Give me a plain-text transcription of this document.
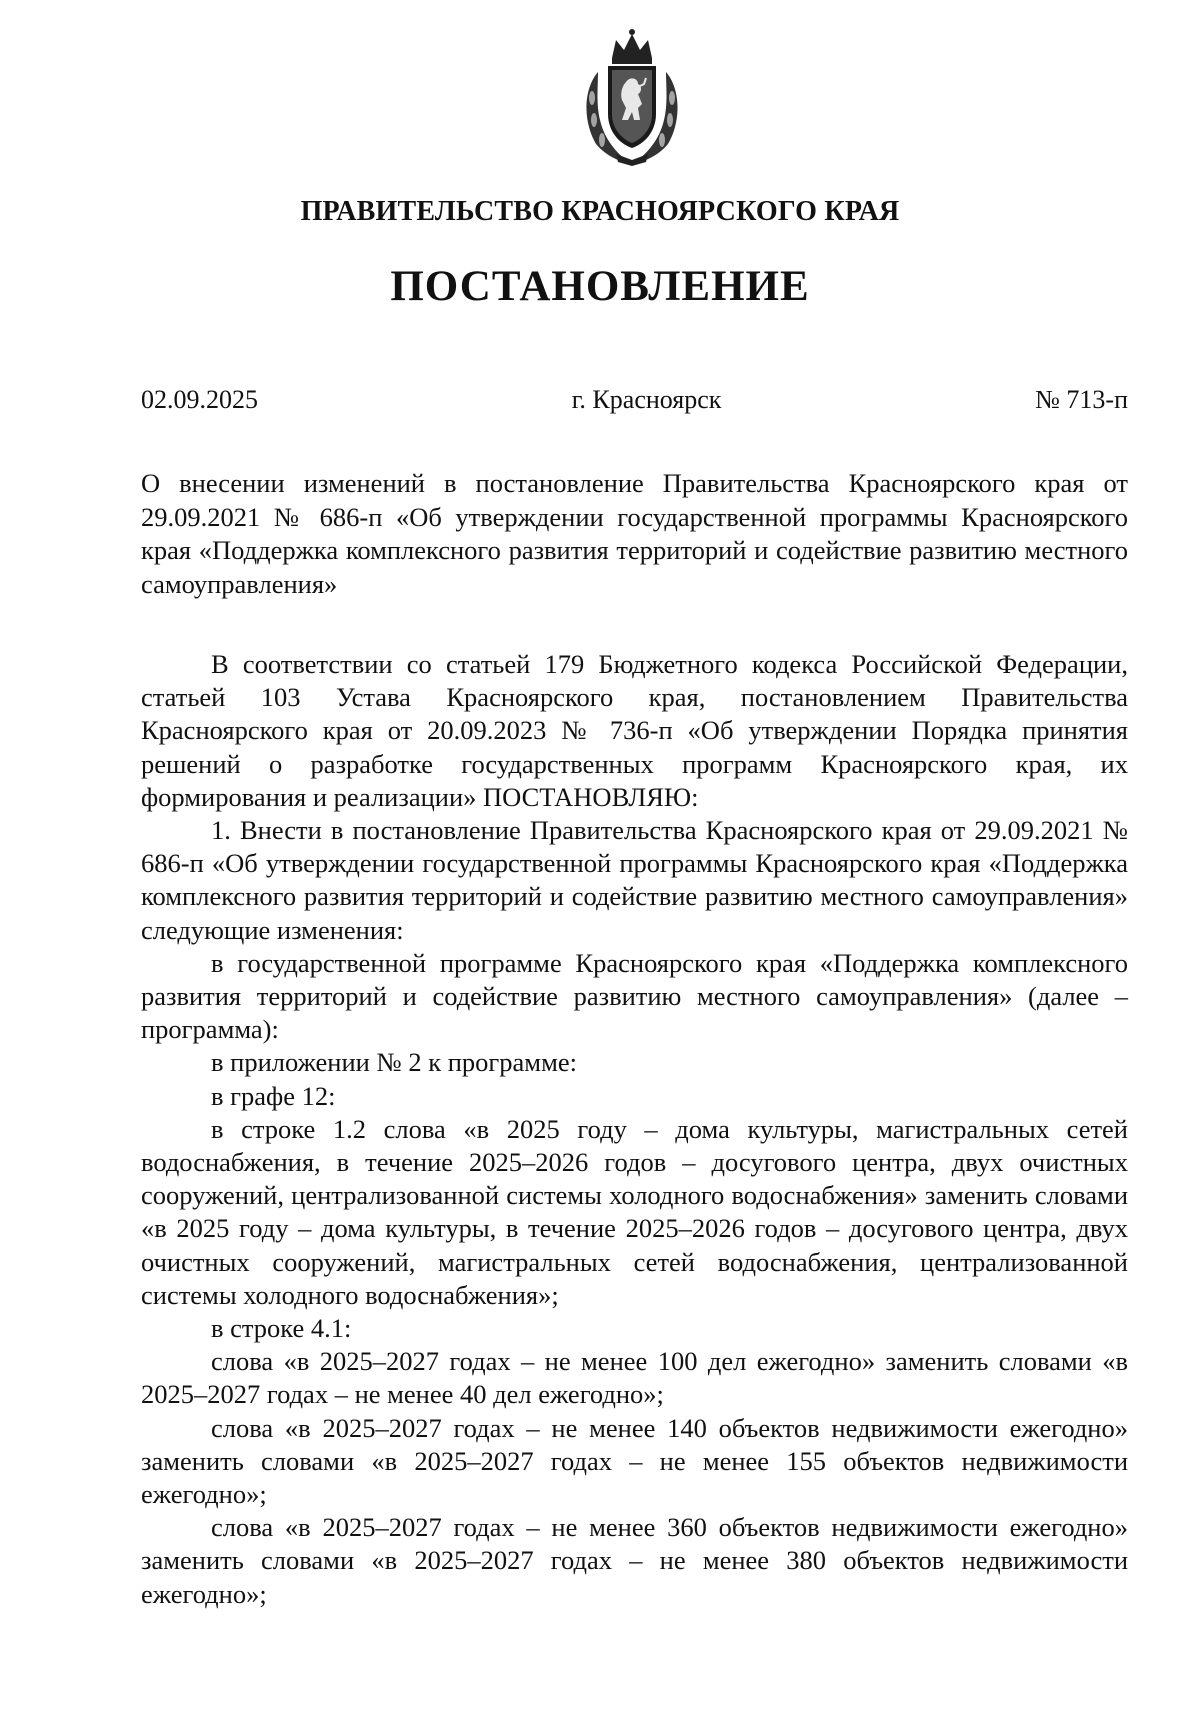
ПРАВИТЕЛЬСТВО КРАСНОЯРСКОГО КРАЯ
ПОСТАНОВЛЕНИЕ
02.09.2025	г. Красноярск	№ 713-п
О внесении изменений в постановление Правительства Красноярского края от 29.09.2021 № 686-п «Об утверждении государственной программы Красноярского края «Поддержка комплексного развития территорий и содействие развитию местного самоуправления»

В соответствии со статьей 179 Бюджетного кодекса Российской Федерации, статьей 103 Устава Красноярского края, постановлением Правительства Красноярского края от 20.09.2023 № 736-п «Об утверждении Порядка принятия решений о разработке государственных программ Красноярского края, их формирования и реализации» ПОСТАНОВЛЯЮ:

1. Внести в постановление Правительства Красноярского края от 29.09.2021 № 686-п «Об утверждении государственной программы Красноярского края «Поддержка комплексного развития территорий и содействие развитию местного самоуправления» следующие изменения:

в государственной программе Красноярского края «Поддержка комплексного развития территорий и содействие развитию местного самоуправления» (далее – программа):

в приложении № 2 к программе:

в графе 12:

в строке 1.2 слова «в 2025 году – дома культуры, магистральных сетей водоснабжения, в течение 2025–2026 годов – досугового центра, двух очистных сооружений, централизованной системы холодного водоснабжения» заменить словами «в 2025 году – дома культуры, в течение 2025–2026 годов – досугового центра, двух очистных сооружений, магистральных сетей водоснабжения, централизованной системы холодного водоснабжения»;

в строке 4.1:

слова «в 2025–2027 годах – не менее 100 дел ежегодно» заменить словами «в 2025–2027 годах – не менее 40 дел ежегодно»;

слова «в 2025–2027 годах – не менее 140 объектов недвижимости ежегодно» заменить словами «в 2025–2027 годах – не менее 155 объектов недвижимости ежегодно»;

слова «в 2025–2027 годах – не менее 360 объектов недвижимости ежегодно» заменить словами «в 2025–2027 годах – не менее 380 объектов недвижимости ежегодно»;
